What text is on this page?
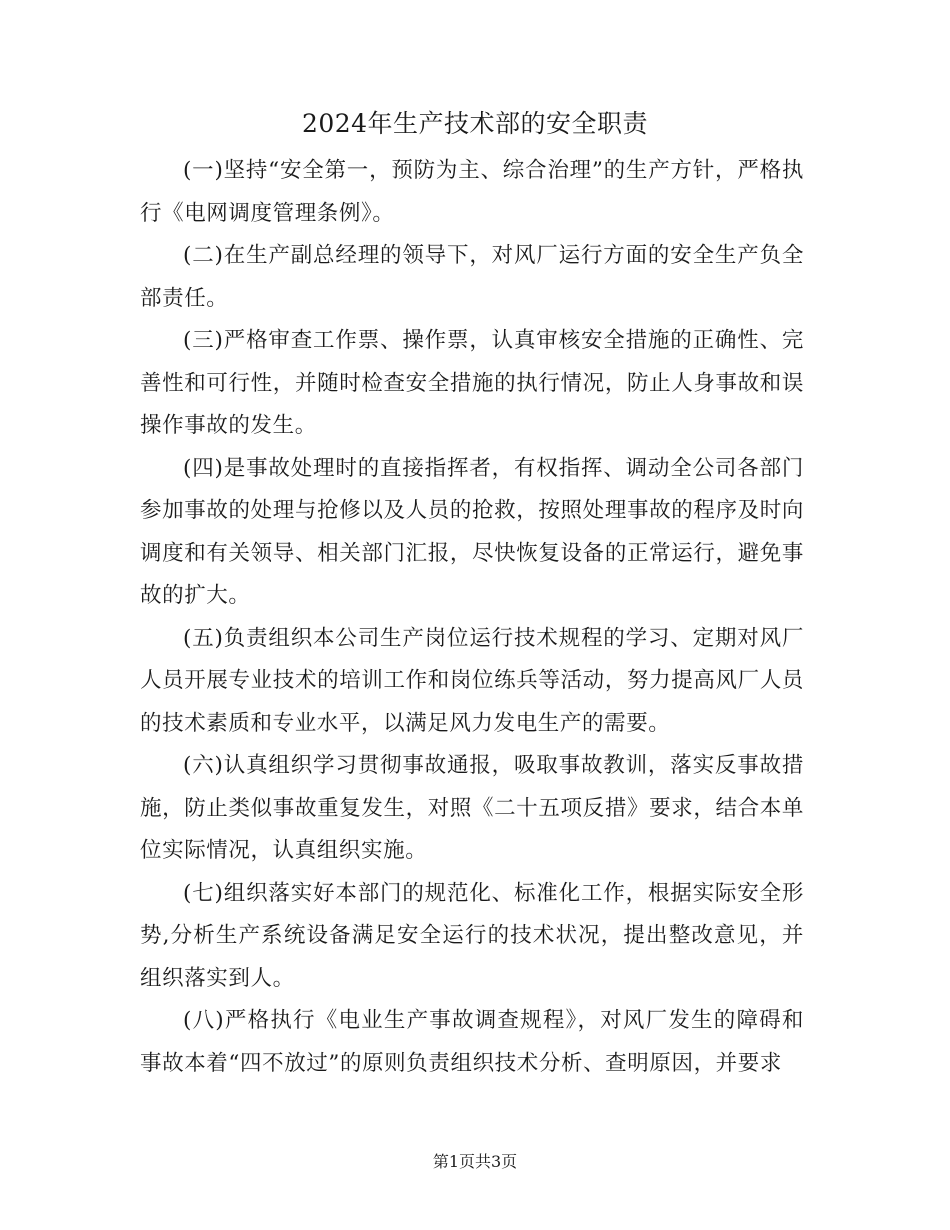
2024年生产技术部的安全职责

(一)坚持“安全第一，预防为主、综合治理”的生产方针，严格执行《电网调度管理条例》。

(二)在生产副总经理的领导下，对风厂运行方面的安全生产负全部责任。

(三)严格审查工作票、操作票，认真审核安全措施的正确性、完善性和可行性，并随时检查安全措施的执行情况，防止人身事故和误操作事故的发生。

(四)是事故处理时的直接指挥者，有权指挥、调动全公司各部门参加事故的处理与抢修以及人员的抢救，按照处理事故的程序及时向调度和有关领导、相关部门汇报，尽快恢复设备的正常运行，避免事故的扩大。

(五)负责组织本公司生产岗位运行技术规程的学习、定期对风厂人员开展专业技术的培训工作和岗位练兵等活动，努力提高风厂人员的技术素质和专业水平，以满足风力发电生产的需要。

(六)认真组织学习贯彻事故通报，吸取事故教训，落实反事故措施，防止类似事故重复发生，对照《二十五项反措》要求，结合本单位实际情况，认真组织实施。

(七)组织落实好本部门的规范化、标准化工作，根据实际安全形势,分析生产系统设备满足安全运行的技术状况，提出整改意见，并组织落实到人。

(八)严格执行《电业生产事故调查规程》，对风厂发生的障碍和事故本着“四不放过”的原则负责组织技术分析、查明原因，并要求

第1页共3页
